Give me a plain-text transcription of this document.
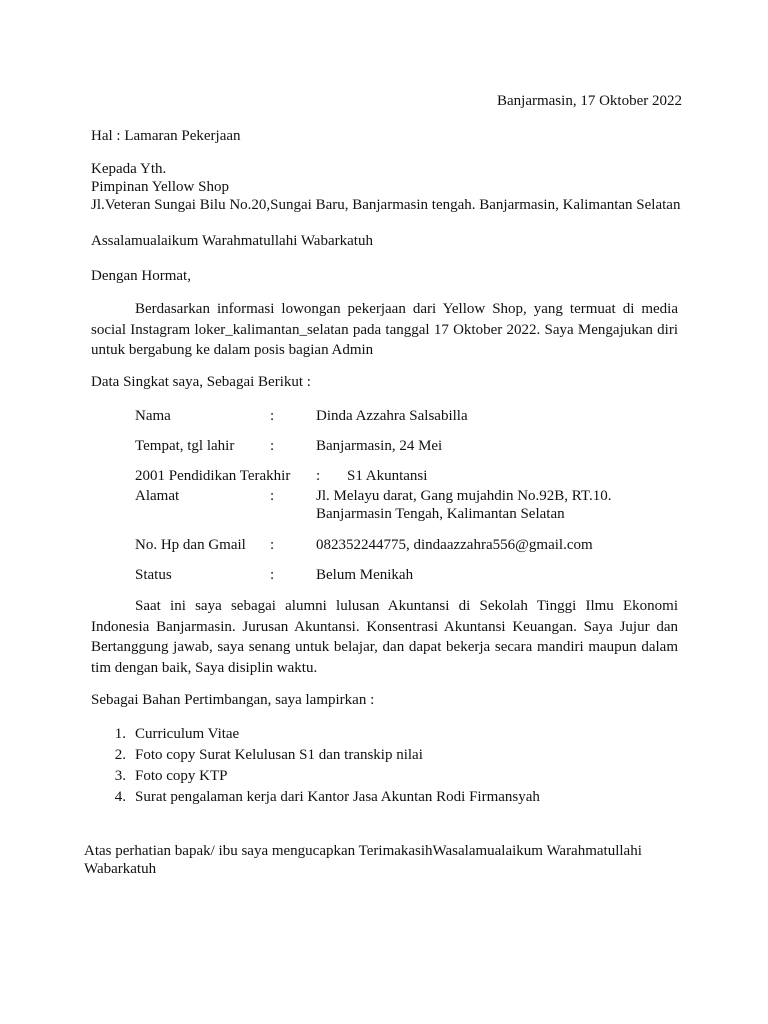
Banjarmasin, 17 Oktober 2022
Hal : Lamaran Pekerjaan
Kepada Yth.
Pimpinan Yellow Shop
Jl.Veteran Sungai Bilu No.20,Sungai Baru, Banjarmasin tengah. Banjarmasin, Kalimantan Selatan
Assalamualaikum Warahmatullahi Wabarkatuh
Dengan Hormat,
Berdasarkan informasi lowongan pekerjaan dari Yellow Shop, yang termuat di media social Instagram loker_kalimantan_selatan pada tanggal 17 Oktober 2022. Saya Mengajukan diri untuk bergabung ke dalam posis bagian Admin
Data Singkat saya, Sebagai Berikut :
Nama	:	Dinda Azzahra Salsabilla
Tempat, tgl lahir :	Banjarmasin, 24 Mei
2001 Pendidikan Terakhir : S1 Akuntansi
Alamat	:	Jl. Melayu darat, Gang mujahdin No.92B, RT.10.
Banjarmasin Tengah, Kalimantan Selatan
No. Hp dan Gmail :	082352244775, dindaazzahra556@gmail.com
Status	:	Belum Menikah
Saat ini saya sebagai alumni lulusan Akuntansi di Sekolah Tinggi Ilmu Ekonomi Indonesia Banjarmasin. Jurusan Akuntansi. Konsentrasi Akuntansi Keuangan. Saya Jujur dan Bertanggung jawab, saya senang untuk belajar, dan dapat bekerja secara mandiri maupun dalam tim dengan baik, Saya disiplin waktu.
Sebagai Bahan Pertimbangan, saya lampirkan :
1. Curriculum Vitae
2. Foto copy Surat Kelulusan S1 dan transkip nilai
3. Foto copy KTP
4. Surat pengalaman kerja dari Kantor Jasa Akuntan Rodi Firmansyah
Atas perhatian bapak/ ibu saya mengucapkan TerimakasihWasalamualaikum Warahmatullahi
Wabarkatuh
